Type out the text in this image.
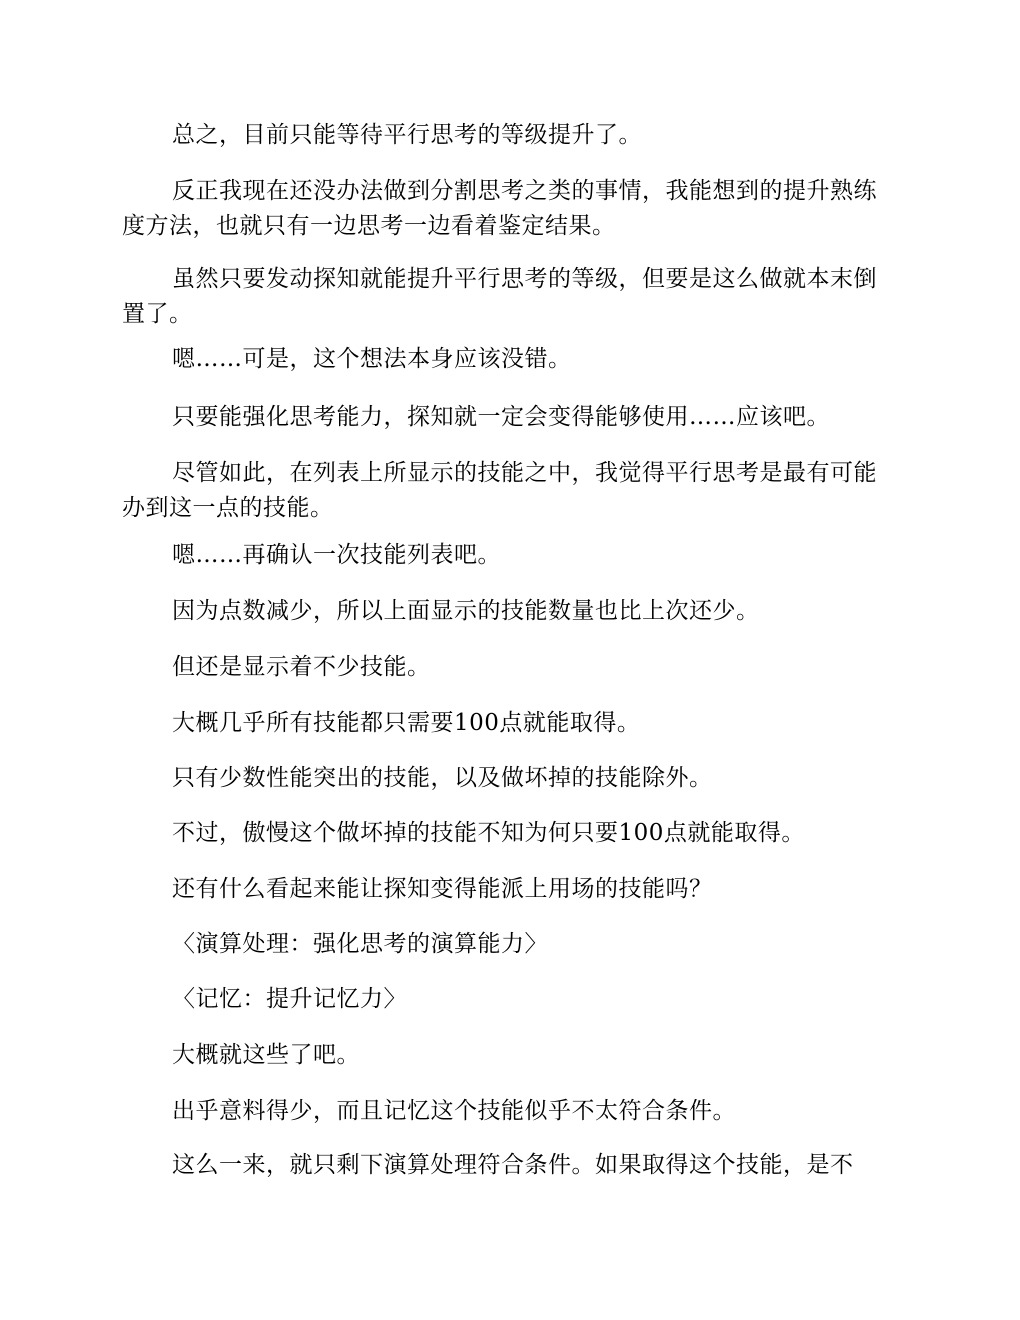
总之，目前只能等待平行思考的等级提升了。

反正我现在还没办法做到分割思考之类的事情，我能想到的提升熟练度方法，也就只有一边思考一边看着鉴定结果。

虽然只要发动探知就能提升平行思考的等级，但要是这么做就本末倒置了。

嗯……可是，这个想法本身应该没错。

只要能强化思考能力，探知就一定会变得能够使用……应该吧。

尽管如此，在列表上所显示的技能之中，我觉得平行思考是最有可能办到这一点的技能。

嗯……再确认一次技能列表吧。

因为点数减少，所以上面显示的技能数量也比上次还少。

但还是显示着不少技能。

大概几乎所有技能都只需要100点就能取得。

只有少数性能突出的技能，以及做坏掉的技能除外。

不过，傲慢这个做坏掉的技能不知为何只要100点就能取得。

还有什么看起来能让探知变得能派上用场的技能吗？

〈演算处理：强化思考的演算能力〉

〈记忆：提升记忆力〉

大概就这些了吧。

出乎意料得少，而且记忆这个技能似乎不太符合条件。

这么一来，就只剩下演算处理符合条件。如果取得这个技能，是不
